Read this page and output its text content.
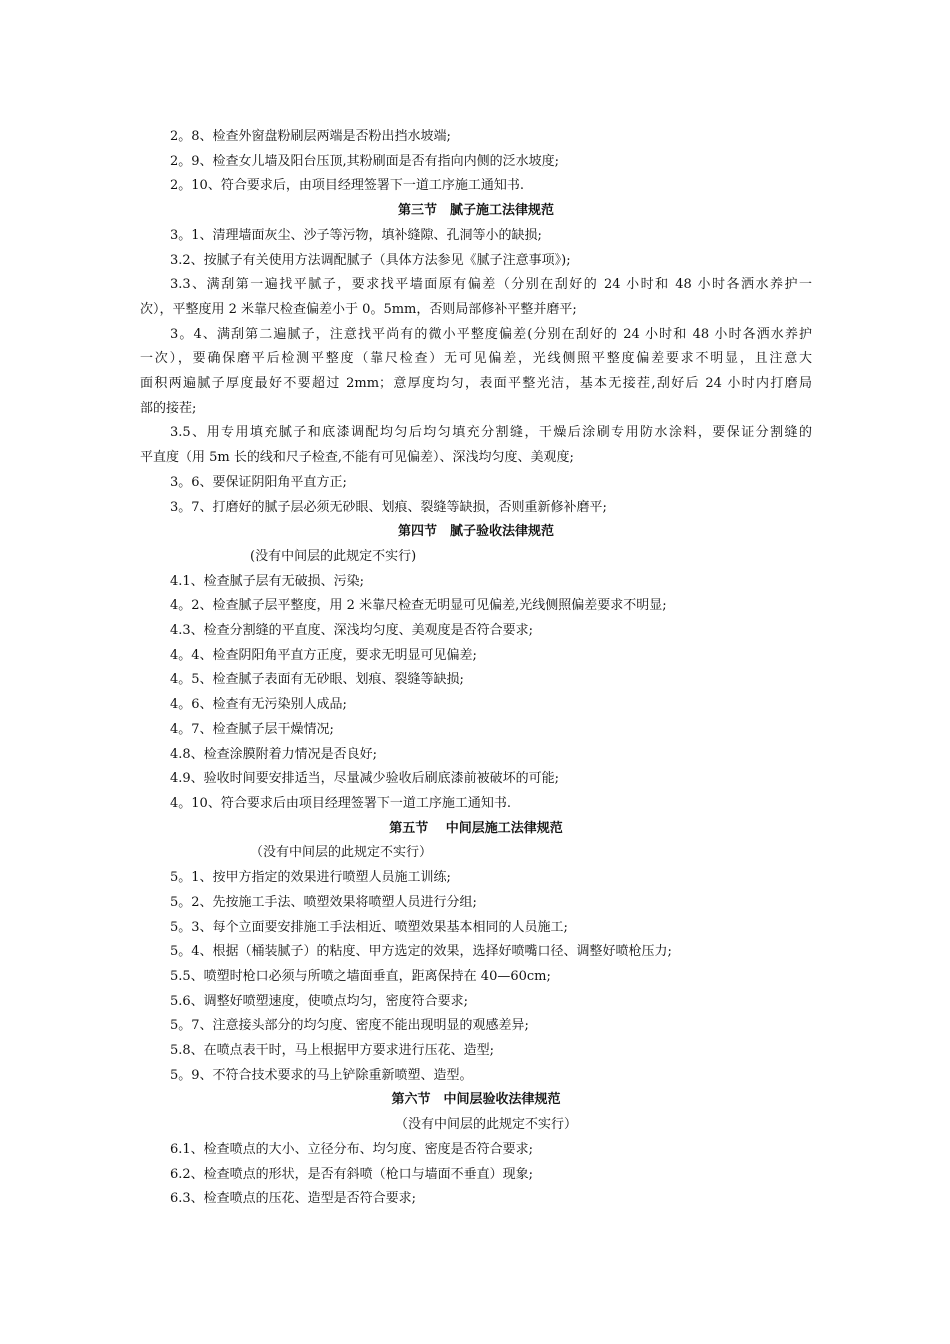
2。8、检查外窗盘粉刷层两端是否粉出挡水坡端;
2。9、检查女儿墙及阳台压顶,其粉刷面是否有指向内侧的泛水坡度;
2。10、符合要求后，由项目经理签署下一道工序施工通知书.
第三节　腻子施工法律规范
3。1、清理墙面灰尘、沙子等污物，填补缝隙、孔洞等小的缺损;
3.2、按腻子有关使用方法调配腻子（具体方法参见《腻子注意事项》);
3.3、满刮第一遍找平腻子，要求找平墙面原有偏差（分别在刮好的 24 小时和 48 小时各洒水养护一
次），平整度用 2 米靠尺检查偏差小于 0。5mm，否则局部修补平整并磨平;
3。4、满刮第二遍腻子，注意找平尚有的微小平整度偏差(分别在刮好的 24 小时和 48 小时各洒水养护
一次），要确保磨平后检测平整度（靠尺检查）无可见偏差，光线侧照平整度偏差要求不明显，且注意大
面积两遍腻子厚度最好不要超过 2mm；意厚度均匀，表面平整光洁，基本无接茬,刮好后 24 小时内打磨局
部的接茬;
3.5、用专用填充腻子和底漆调配均匀后均匀填充分割缝，干燥后涂刷专用防水涂料，要保证分割缝的
平直度（用 5m 长的线和尺子检查,不能有可见偏差）、深浅均匀度、美观度;
3。6、要保证阴阳角平直方正;
3。7、打磨好的腻子层必须无砂眼、划痕、裂缝等缺损，否则重新修补磨平;
第四节　腻子验收法律规范
(没有中间层的此规定不实行)
4.1、检查腻子层有无破损、污染;
4。2、检查腻子层平整度，用 2 米靠尺检查无明显可见偏差,光线侧照偏差要求不明显;
4.3、检查分割缝的平直度、深浅均匀度、美观度是否符合要求;
4。4、检查阴阳角平直方正度，要求无明显可见偏差;
4。5、检查腻子表面有无砂眼、划痕、裂缝等缺损;
4。6、检查有无污染别人成品;
4。7、检查腻子层干燥情况;
4.8、检查涂膜附着力情况是否良好;
4.9、验收时间要安排适当，尽量减少验收后刷底漆前被破坏的可能;
4。10、符合要求后由项目经理签署下一道工序施工通知书.
第五节　 中间层施工法律规范
（没有中间层的此规定不实行）
5。1、按甲方指定的效果进行喷塑人员施工训练;
5。2、先按施工手法、喷塑效果将喷塑人员进行分组;
5。3、每个立面要安排施工手法相近、喷塑效果基本相同的人员施工;
5。4、根据（桶装腻子）的粘度、甲方选定的效果，选择好喷嘴口径、调整好喷枪压力;
5.5、喷塑时枪口必须与所喷之墙面垂直，距离保持在 40—60cm;
5.6、调整好喷塑速度，使喷点均匀，密度符合要求;
5。7、注意接头部分的均匀度、密度不能出现明显的观感差异;
5.8、在喷点表干时，马上根据甲方要求进行压花、造型;
5。9、不符合技术要求的马上铲除重新喷塑、造型。
第六节　中间层验收法律规范
（没有中间层的此规定不实行）
6.1、检查喷点的大小、立径分布、均匀度、密度是否符合要求;
6.2、检查喷点的形状，是否有斜喷（枪口与墙面不垂直）现象;
6.3、检查喷点的压花、造型是否符合要求;
